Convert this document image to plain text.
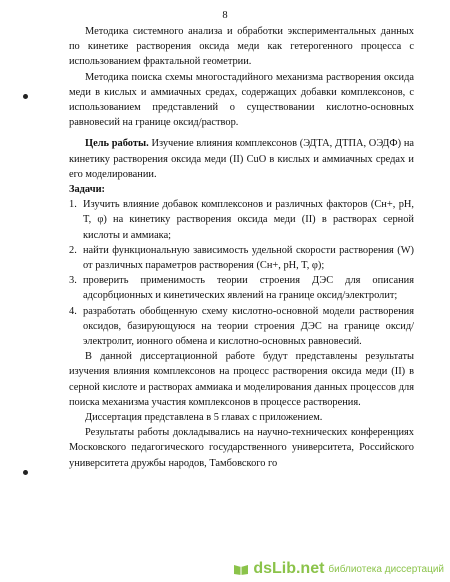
8

Методика системного анализа и обработки экспериментальных данных по кинетике растворения оксида меди как гетерогенного процесса с использованием фрактальной геометрии.

Методика поиска схемы многостадийного механизма растворения оксида меди в кислых и аммиачных средах, содержащих добавки комплексонов, с использованием представлений о существовании кислотно-основных равновесий на границе оксид/раствор.

Цель работы. Изучение влияния комплексонов (ЭДТА, ДТПА, ОЭДФ) на кинетику растворения оксида меди (II) CuO в кислых и аммиачных средах и его моделировании.

Задачи:

1. Изучить влияние добавок комплексонов и различных факторов (Cн+, pH, T, φ) на кинетику растворения оксида меди (II) в растворах серной кислоты и аммиака;
2. найти функциональную зависимость удельной скорости растворения (W) от различных параметров растворения (Cн+, pH, T, φ);
3. проверить применимость теории строения ДЭС для описания адсорбционных и кинетических явлений на границе оксид/электролит;
4. разработать обобщенную схему кислотно-основной модели растворения оксидов, базирующуюся на теории строения ДЭС на границе оксид/электролит, ионного обмена и кислотно-основных равновесий.

В данной диссертационной работе будут представлены результаты изучения влияния комплексонов на процесс растворения оксида меди (II) в серной кислоте и растворах аммиака и моделирования данных процессов для поиска механизма участия комплексонов в процессе растворения.

Диссертация представлена в 5 главах с приложением.

Результаты работы докладывались на научно-технических конференциях Московского педагогического государственного университета, Российского университета дружбы народов, Тамбовского го

dsLib.net библиотека диссертаций
